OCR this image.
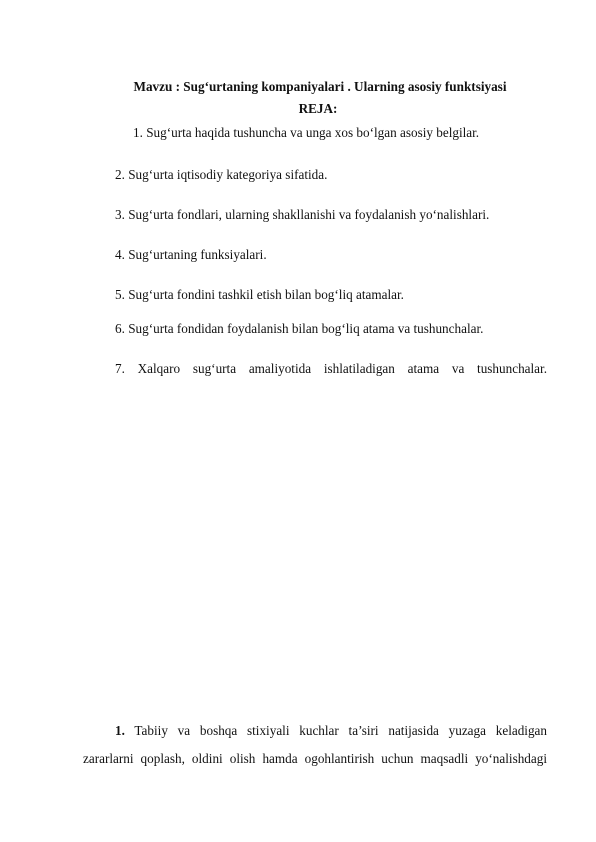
Mavzu : Sug‘urtaning kompaniyalari . Ularning asosiy funktsiyasi
REJA:
1. Sug‘urta haqida tushuncha va unga xos bo‘lgan asosiy belgilar.
2. Sug‘urta iqtisodiy kategoriya sifatida.
3. Sug‘urta fondlari, ularning shakllanishi va foydalanish yo‘nalishlari.
4. Sug‘urtaning funksiyalari.
5. Sug‘urta fondini tashkil etish bilan bog‘liq atamalar.
6. Sug‘urta fondidan foydalanish bilan bog‘liq atama va tushunchalar.
7. Xalqaro sug‘urta amaliyotida ishlatiladigan atama va tushunchalar.
1. Tabiiy va boshqa stixiyali kuchlar ta’siri natijasida yuzaga keladigan
zararlarni qoplash, oldini olish hamda ogohlantirish uchun maqsadli yo‘nalishdagi
